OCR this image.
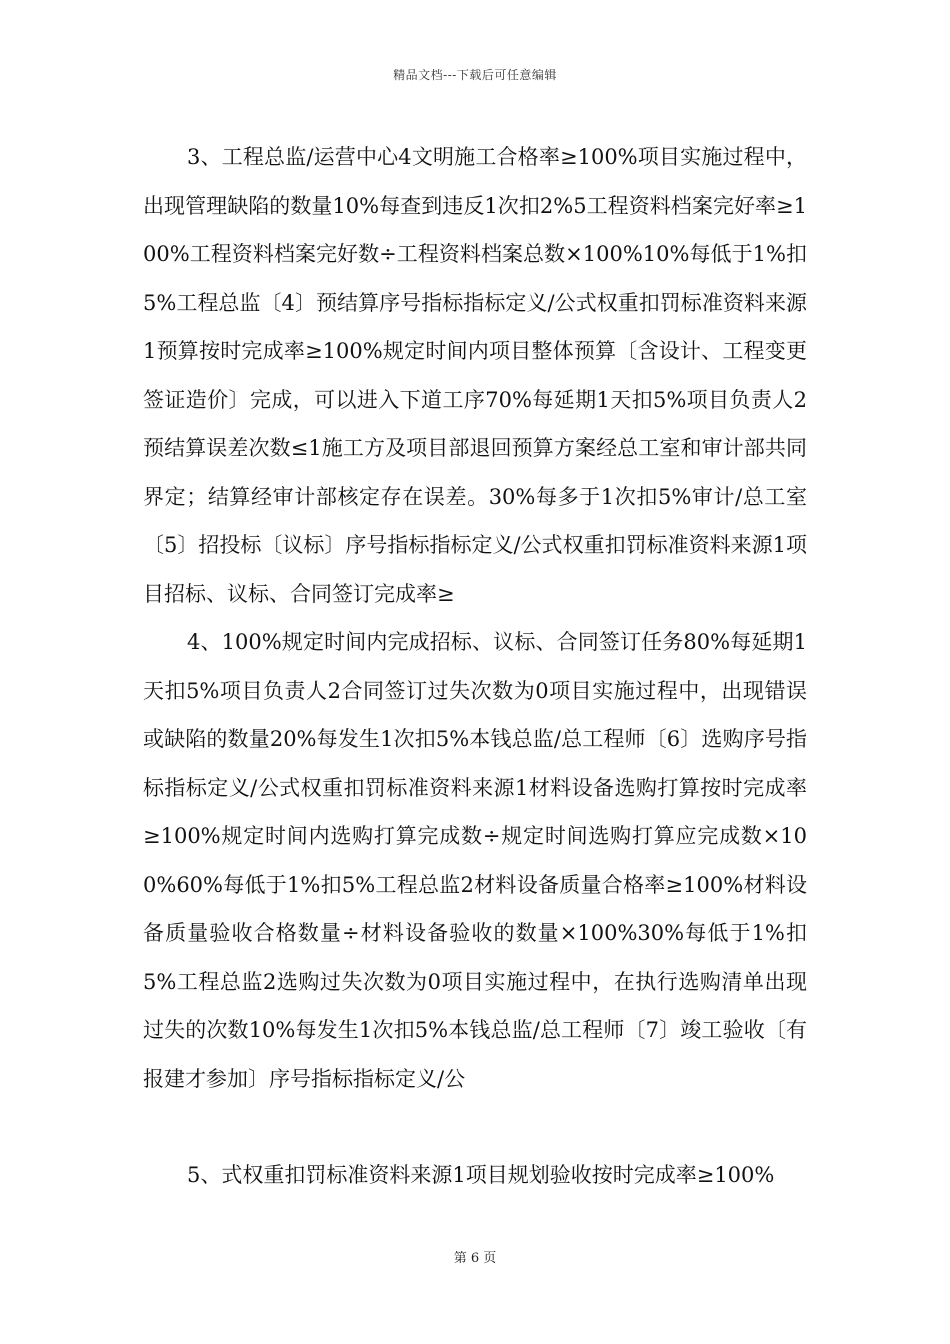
精品文档---下载后可任意编辑

3、工程总监/运营中心4文明施工合格率≥100%项目实施过程中，出现管理缺陷的数量10%每查到违反1次扣2%5工程资料档案完好率≥100%工程资料档案完好数÷工程资料档案总数×100%10%每低于1%扣5%工程总监〔4〕预结算序号指标指标定义/公式权重扣罚标准资料来源1预算按时完成率≥100%规定时间内项目整体预算〔含设计、工程变更签证造价〕完成，可以进入下道工序70%每延期1天扣5%项目负责人2预结算误差次数≤1施工方及项目部退回预算方案经总工室和审计部共同界定；结算经审计部核定存在误差。30%每多于1次扣5%审计/总工室〔5〕招投标〔议标〕序号指标指标定义/公式权重扣罚标准资料来源1项目招标、议标、合同签订完成率≥

4、100%规定时间内完成招标、议标、合同签订任务80%每延期1天扣5%项目负责人2合同签订过失次数为0项目实施过程中，出现错误或缺陷的数量20%每发生1次扣5%本钱总监/总工程师〔6〕选购序号指标指标定义/公式权重扣罚标准资料来源1材料设备选购打算按时完成率≥100%规定时间内选购打算完成数÷规定时间选购打算应完成数×100%60%每低于1%扣5%工程总监2材料设备质量合格率≥100%材料设备质量验收合格数量÷材料设备验收的数量×100%30%每低于1%扣5%工程总监2选购过失次数为0项目实施过程中，在执行选购清单出现过失的次数10%每发生1次扣5%本钱总监/总工程师〔7〕竣工验收〔有报建才参加〕序号指标指标定义/公

5、式权重扣罚标准资料来源1项目规划验收按时完成率≥100%

第 6 页
